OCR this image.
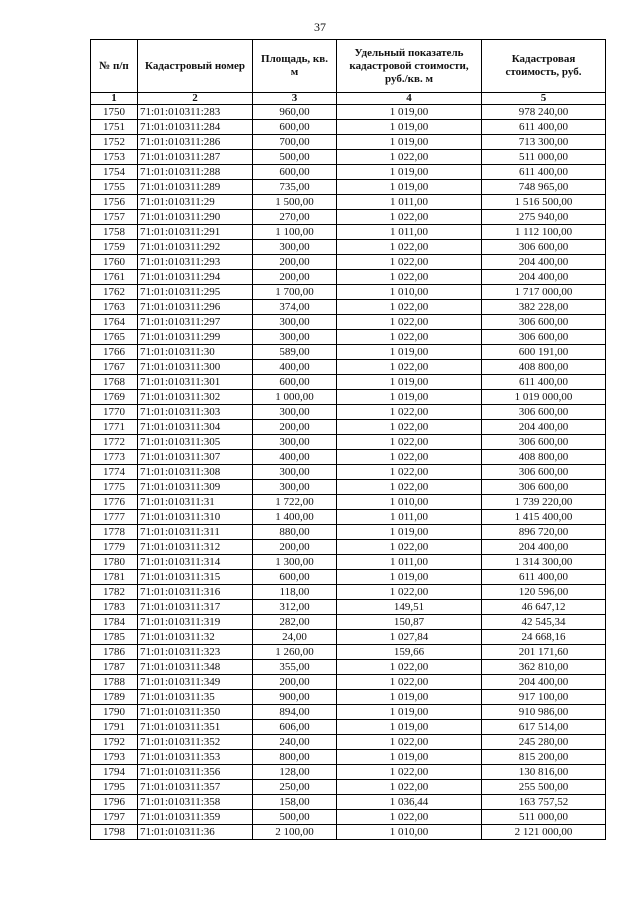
37
№ п/п	Кадастровый номер	Площадь, кв. м	Удельный показатель кадастровой стоимости, руб./кв. м	Кадастровая стоимость, руб.
1	2	3	4	5
1750	71:01:010311:283	960,00	1 019,00	978 240,00
1751	71:01:010311:284	600,00	1 019,00	611 400,00
1752	71:01:010311:286	700,00	1 019,00	713 300,00
1753	71:01:010311:287	500,00	1 022,00	511 000,00
1754	71:01:010311:288	600,00	1 019,00	611 400,00
1755	71:01:010311:289	735,00	1 019,00	748 965,00
1756	71:01:010311:29	1 500,00	1 011,00	1 516 500,00
1757	71:01:010311:290	270,00	1 022,00	275 940,00
1758	71:01:010311:291	1 100,00	1 011,00	1 112 100,00
1759	71:01:010311:292	300,00	1 022,00	306 600,00
1760	71:01:010311:293	200,00	1 022,00	204 400,00
1761	71:01:010311:294	200,00	1 022,00	204 400,00
1762	71:01:010311:295	1 700,00	1 010,00	1 717 000,00
1763	71:01:010311:296	374,00	1 022,00	382 228,00
1764	71:01:010311:297	300,00	1 022,00	306 600,00
1765	71:01:010311:299	300,00	1 022,00	306 600,00
1766	71:01:010311:30	589,00	1 019,00	600 191,00
1767	71:01:010311:300	400,00	1 022,00	408 800,00
1768	71:01:010311:301	600,00	1 019,00	611 400,00
1769	71:01:010311:302	1 000,00	1 019,00	1 019 000,00
1770	71:01:010311:303	300,00	1 022,00	306 600,00
1771	71:01:010311:304	200,00	1 022,00	204 400,00
1772	71:01:010311:305	300,00	1 022,00	306 600,00
1773	71:01:010311:307	400,00	1 022,00	408 800,00
1774	71:01:010311:308	300,00	1 022,00	306 600,00
1775	71:01:010311:309	300,00	1 022,00	306 600,00
1776	71:01:010311:31	1 722,00	1 010,00	1 739 220,00
1777	71:01:010311:310	1 400,00	1 011,00	1 415 400,00
1778	71:01:010311:311	880,00	1 019,00	896 720,00
1779	71:01:010311:312	200,00	1 022,00	204 400,00
1780	71:01:010311:314	1 300,00	1 011,00	1 314 300,00
1781	71:01:010311:315	600,00	1 019,00	611 400,00
1782	71:01:010311:316	118,00	1 022,00	120 596,00
1783	71:01:010311:317	312,00	149,51	46 647,12
1784	71:01:010311:319	282,00	150,87	42 545,34
1785	71:01:010311:32	24,00	1 027,84	24 668,16
1786	71:01:010311:323	1 260,00	159,66	201 171,60
1787	71:01:010311:348	355,00	1 022,00	362 810,00
1788	71:01:010311:349	200,00	1 022,00	204 400,00
1789	71:01:010311:35	900,00	1 019,00	917 100,00
1790	71:01:010311:350	894,00	1 019,00	910 986,00
1791	71:01:010311:351	606,00	1 019,00	617 514,00
1792	71:01:010311:352	240,00	1 022,00	245 280,00
1793	71:01:010311:353	800,00	1 019,00	815 200,00
1794	71:01:010311:356	128,00	1 022,00	130 816,00
1795	71:01:010311:357	250,00	1 022,00	255 500,00
1796	71:01:010311:358	158,00	1 036,44	163 757,52
1797	71:01:010311:359	500,00	1 022,00	511 000,00
1798	71:01:010311:36	2 100,00	1 010,00	2 121 000,00
